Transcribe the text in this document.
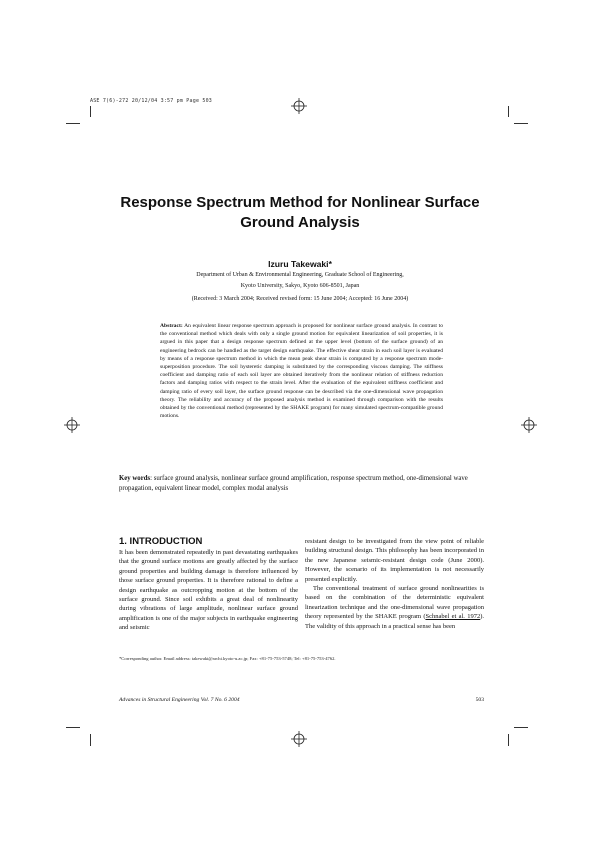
ASE 7(6)-272 20/12/04 3:57 pm Page 503
Response Spectrum Method for Nonlinear Surface
Ground Analysis
Izuru Takewaki*
Department of Urban & Environmental Engineering, Graduate School of Engineering,
Kyoto University, Sakyo, Kyoto 606-8501, Japan
(Received: 3 March 2004; Received revised form: 15 June 2004; Accepted: 16 June 2004)
Abstract: An equivalent linear response spectrum approach is proposed for nonlinear surface ground analysis. In contrast to the conventional method which deals with only a single ground motion for equivalent linearization of soil properties, it is argued in this paper that a design response spectrum defined at the upper level (bottom of the surface ground) of an engineering bedrock can be handled as the target design earthquake. The effective shear strain in each soil layer is evaluated by means of a response spectrum method in which the mean peak shear strain is computed by a response spectrum mode-superposition procedure. The soil hysteretic damping is substituted by the corresponding viscous damping. The stiffness coefficient and damping ratio of each soil layer are obtained iteratively from the nonlinear relation of stiffness reduction factors and damping ratios with respect to the strain level. After the evaluation of the equivalent stiffness coefficient and damping ratio of every soil layer, the surface ground response can be described via the one-dimensional wave propagation theory. The reliability and accuracy of the proposed analysis method is examined through comparison with the results obtained by the conventional method (represented by the SHAKE program) for many simulated spectrum-compatible ground motions.
Key words: surface ground analysis, nonlinear surface ground amplification, response spectrum method, one-dimensional wave propagation, equivalent linear model, complex modal analysis
1. INTRODUCTION

It has been demonstrated repeatedly in past devastating earthquakes that the ground surface motions are greatly affected by the surface ground properties and building damage is therefore influenced by those surface ground properties. It is therefore rational to define a design earthquake as outcropping motion at the bottom of the surface ground. Since soil exhibits a great deal of nonlinearity during vibrations of large amplitude, nonlinear surface ground amplification is one of the major subjects in earthquake engineering and seismic

resistant design to be investigated from the view point of reliable building structural design. This philosophy has been incorporated in the new Japanese seismic-resistant design code (June 2000). However, the scenario of its implementation is not necessarily presented explicitly.

The conventional treatment of surface ground nonlinearities is based on the combination of the deterministic equivalent linearization technique and the one-dimensional wave propagation theory represented by the SHAKE program (Schnabel et al. 1972). The validity of this approach in a practical sense has been

*Corresponding author. Email address: takewaki@archi.kyoto-u.ac.jp; Fax: +81-75-753-5748; Tel: +81-75-753-4762.
Advances in Structural Engineering Vol. 7 No. 6 2004	503
